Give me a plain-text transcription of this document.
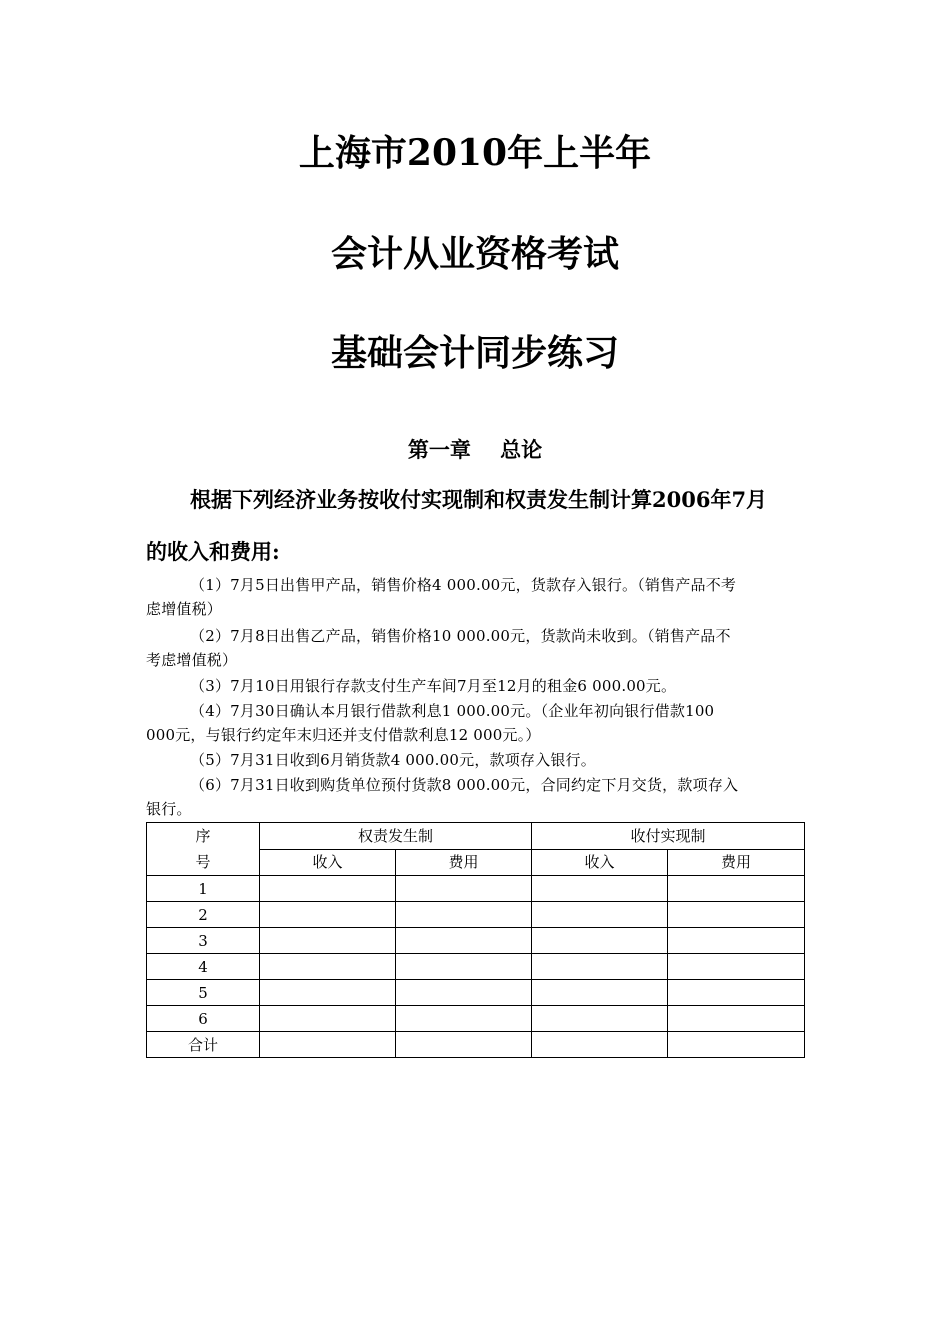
上海市2010年上半年
会计从业资格考试
基础会计同步练习
第一章    总论
根据下列经济业务按收付实现制和权责发生制计算2006年7月
的收入和费用:
（1）7月5日出售甲产品，销售价格4 000.00元，货款存入银行。（销售产品不考
虑增值税）
（2）7月8日出售乙产品，销售价格10 000.00元，货款尚未收到。（销售产品不
考虑增值税）
（3）7月10日用银行存款支付生产车间7月至12月的租金6 000.00元。
（4）7月30日确认本月银行借款利息1 000.00元。（企业年初向银行借款100
000元，与银行约定年末归还并支付借款利息12 000元。）
（5）7月31日收到6月销货款4 000.00元，款项存入银行。
（6）7月31日收到购货单位预付货款8 000.00元，合同约定下月交货，款项存入
银行。
序
号	权责发生制		收付实现制	
	收入	费用	收入	费用
1				
2				
3				
4				
5				
6				
合计				
